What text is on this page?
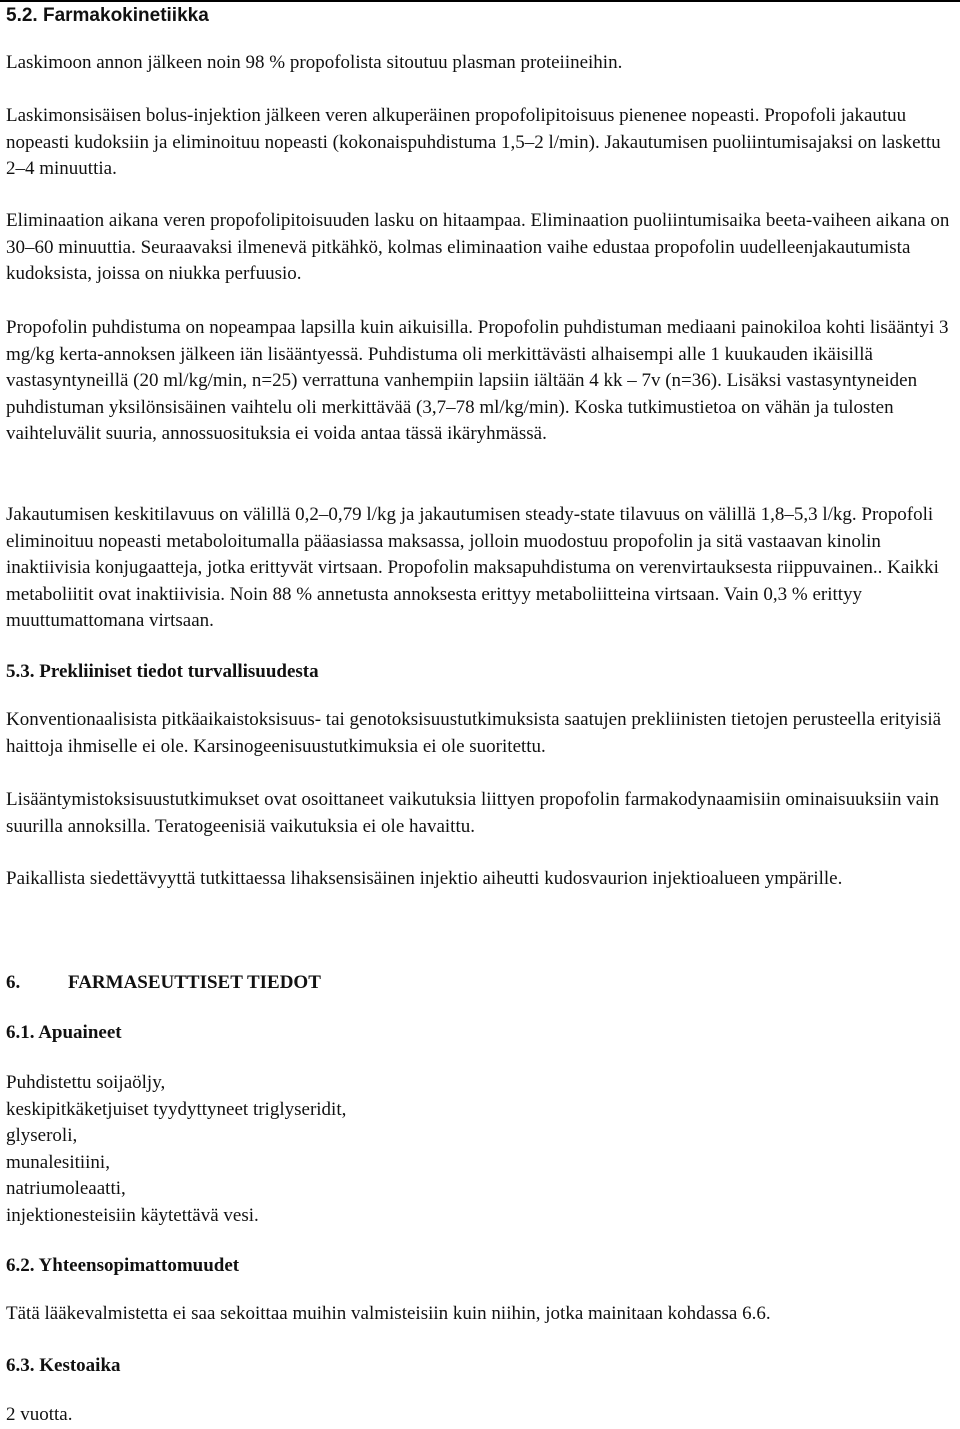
5.2. Farmakokinetiikka

Laskimoon annon jälkeen noin 98 % propofolista sitoutuu plasman proteiineihin.

Laskimonsisäisen bolus-injektion jälkeen veren alkuperäinen propofolipitoisuus pienenee nopeasti. Propofoli jakautuu nopeasti kudoksiin ja eliminoituu nopeasti (kokonaispuhdistuma 1,5–2 l/min). Jakautumisen puoliintumisajaksi on laskettu 2–4 minuuttia.

Eliminaation aikana veren propofolipitoisuuden lasku on hitaampaa. Eliminaation puoliintumisaika beeta-vaiheen aikana on 30–60 minuuttia. Seuraavaksi ilmenevä pitkähkö, kolmas eliminaation vaihe edustaa propofolin uudelleenjakautumista kudoksista, joissa on niukka perfuusio.

Propofolin puhdistuma on nopeampaa lapsilla kuin aikuisilla. Propofolin puhdistuman mediaani painokiloa kohti lisääntyi 3 mg/kg kerta-annoksen jälkeen iän lisääntyessä. Puhdistuma oli merkittävästi alhaisempi alle 1 kuukauden ikäisillä vastasyntyneillä (20 ml/kg/min, n=25) verrattuna vanhempiin lapsiin iältään 4 kk – 7v (n=36). Lisäksi vastasyntyneiden puhdistuman yksilönsisäinen vaihtelu oli merkittävää (3,7–78 ml/kg/min). Koska tutkimustietoa on vähän ja tulosten vaihteluvälit suuria, annossuosituksia ei voida antaa tässä ikäryhmässä.

Jakautumisen keskitilavuus on välillä 0,2–0,79 l/kg ja jakautumisen steady-state tilavuus on välillä 1,8–5,3 l/kg. Propofoli eliminoituu nopeasti metaboloitumalla pääasiassa maksassa, jolloin muodostuu propofolin ja sitä vastaavan kinolin inaktiivisia konjugaatteja, jotka erittyvät virtsaan. Propofolin maksapuhdistuma on verenvirtauksesta riippuvainen.. Kaikki metaboliitit ovat inaktiivisia. Noin 88 % annetusta annoksesta erittyy metaboliitteina virtsaan. Vain 0,3 % erittyy muuttumattomana virtsaan.

5.3. Prekliiniset tiedot turvallisuudesta

Konventionaalisista pitkäaikaistoksisuus- tai genotoksisuustutkimuksista saatujen prekliinisten tietojen perusteella erityisiä haittoja ihmiselle ei ole. Karsinogeenisuustutkimuksia ei ole suoritettu.

Lisääntymistoksisuustutkimukset ovat osoittaneet vaikutuksia liittyen propofolin farmakodynaamisiin ominaisuuksiin vain suurilla annoksilla. Teratogeenisiä vaikutuksia ei ole havaittu.

Paikallista siedettävyyttä tutkittaessa lihaksensisäinen injektio aiheutti kudosvaurion injektioalueen ympärille.

6.	FARMASEUTTISET TIEDOT

6.1. Apuaineet

Puhdistettu soijaöljy,

keskipitkäketjuiset tyydyttyneet triglyseridit,

glyseroli,

munalesitiini,

natriumoleaatti,

injektionesteisiin käytettävä vesi.

6.2. Yhteensopimattomuudet

Tätä lääkevalmistetta ei saa sekoittaa muihin valmisteisiin kuin niihin, jotka mainitaan kohdassa 6.6.

6.3. Kestoaika

2 vuotta.
